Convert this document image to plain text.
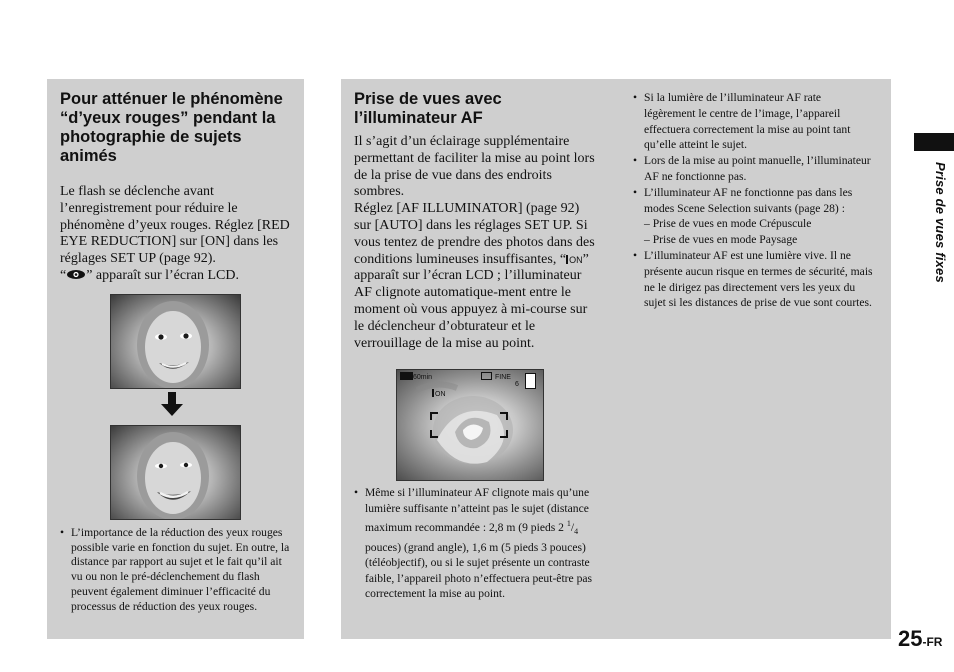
Pour atténuer le phénomène “d’yeux rouges” pendant la photographie de sujets animés
Le flash se déclenche avant l’enregistrement pour réduire le phénomène d’yeux rouges. Réglez [RED EYE REDUCTION] sur [ON] dans les réglages SET UP (page 92).
“ ” apparaît sur l’écran LCD.
• L’importance de la réduction des yeux rouges possible varie en fonction du sujet. En outre, la distance par rapport au sujet et le fait qu’il ait vu ou non le pré-déclenchement du flash peuvent également diminuer l’efficacité du processus de réduction des yeux rouges.
Prise de vues avec l’illuminateur AF
Il s’agit d’un éclairage supplémentaire permettant de faciliter la mise au point lors de la prise de vue dans des endroits sombres.
Réglez [AF ILLUMINATOR] (page 92) sur [AUTO] dans les réglages SET UP. Si vous tentez de prendre des photos dans des conditions lumineuses insuffisantes, “ ON” apparaît sur l’écran LCD ; l’illuminateur AF clignote automatique-ment entre le moment où vous appuyez à mi-course sur le déclencheur d’obturateur et le verrouillage de la mise au point.
60min	FINE
6
ON
• Même si l’illuminateur AF clignote mais qu’une lumière suffisante n’atteint pas le sujet (distance maximum recommandée : 2,8 m (9 pieds 2 $^1/_4$ pouces) (grand angle), 1,6 m (5 pieds 3 pouces) (téléobjectif), ou si le sujet présente un contraste faible, l’appareil photo n’effectuera peut-être pas correctement la mise au point.
• Si la lumière de l’illuminateur AF rate légèrement le centre de l’image, l’appareil effectuera correctement la mise au point tant qu’elle atteint le sujet.
• Lors de la mise au point manuelle, l’illuminateur AF ne fonctionne pas.
• L’illuminateur AF ne fonctionne pas dans les modes Scene Selection suivants (page 28) :
– Prise de vues en mode Crépuscule
– Prise de vues en mode Paysage
• L’illuminateur AF est une lumière vive. Il ne présente aucun risque en termes de sécurité, mais ne le dirigez pas directement vers les yeux du sujet si les distances de prise de vue sont courtes.
Prise de vues fixes
25-FR
